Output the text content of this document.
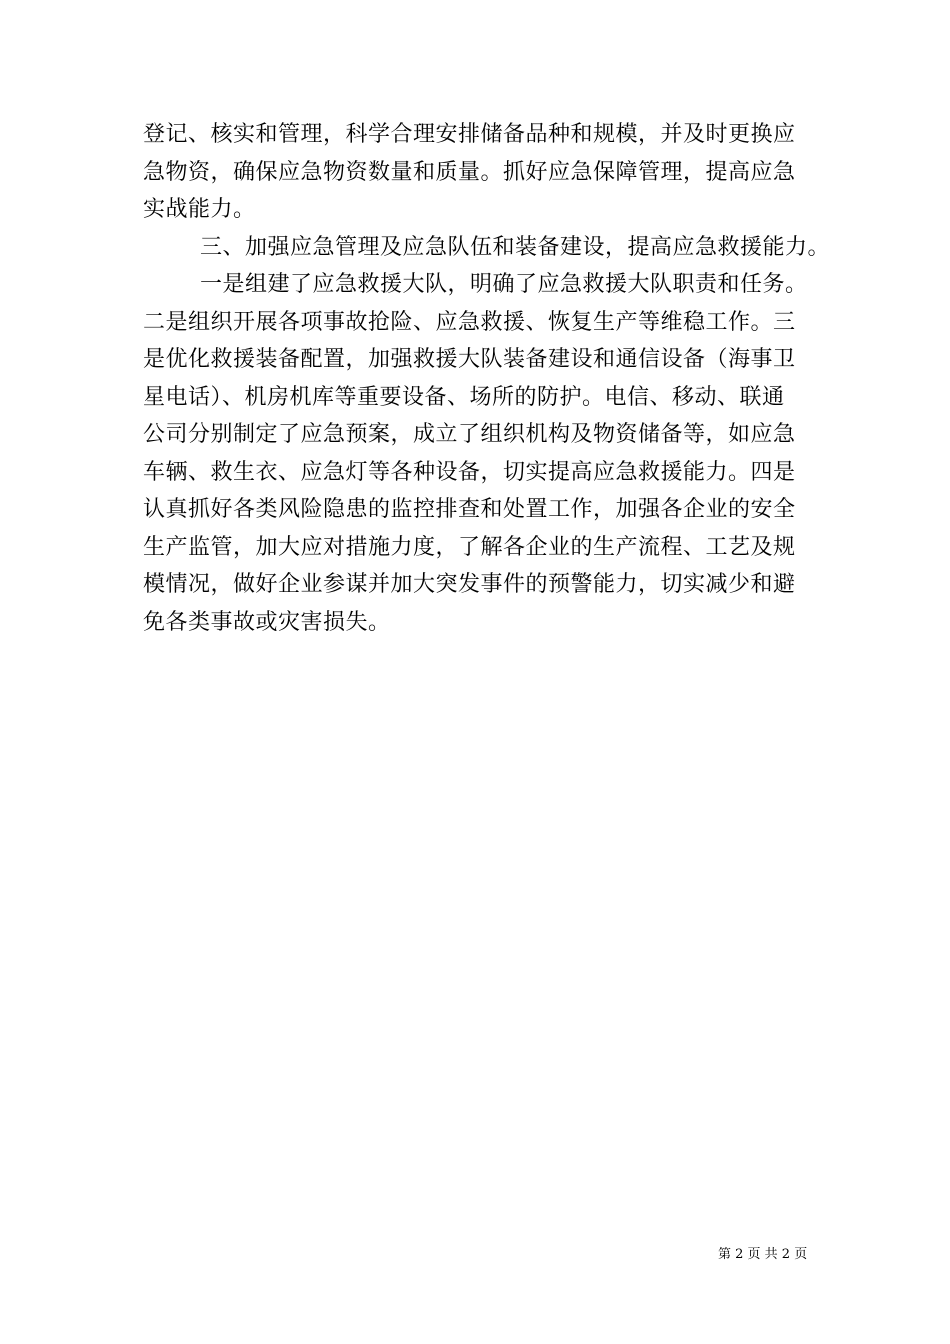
登记、核实和管理，科学合理安排储备品种和规模，并及时更换应
急物资，确保应急物资数量和质量。抓好应急保障管理，提高应急
实战能力。
三、加强应急管理及应急队伍和装备建设，提高应急救援能力。
一是组建了应急救援大队，明确了应急救援大队职责和任务。
二是组织开展各项事故抢险、应急救援、恢复生产等维稳工作。三
是优化救援装备配置，加强救援大队装备建设和通信设备（海事卫
星电话）、机房机库等重要设备、场所的防护。电信、移动、联通
公司分别制定了应急预案，成立了组织机构及物资储备等，如应急
车辆、救生衣、应急灯等各种设备，切实提高应急救援能力。四是
认真抓好各类风险隐患的监控排查和处置工作，加强各企业的安全
生产监管，加大应对措施力度，了解各企业的生产流程、工艺及规
模情况，做好企业参谋并加大突发事件的预警能力，切实减少和避
免各类事故或灾害损失。
第 2 页 共 2 页
